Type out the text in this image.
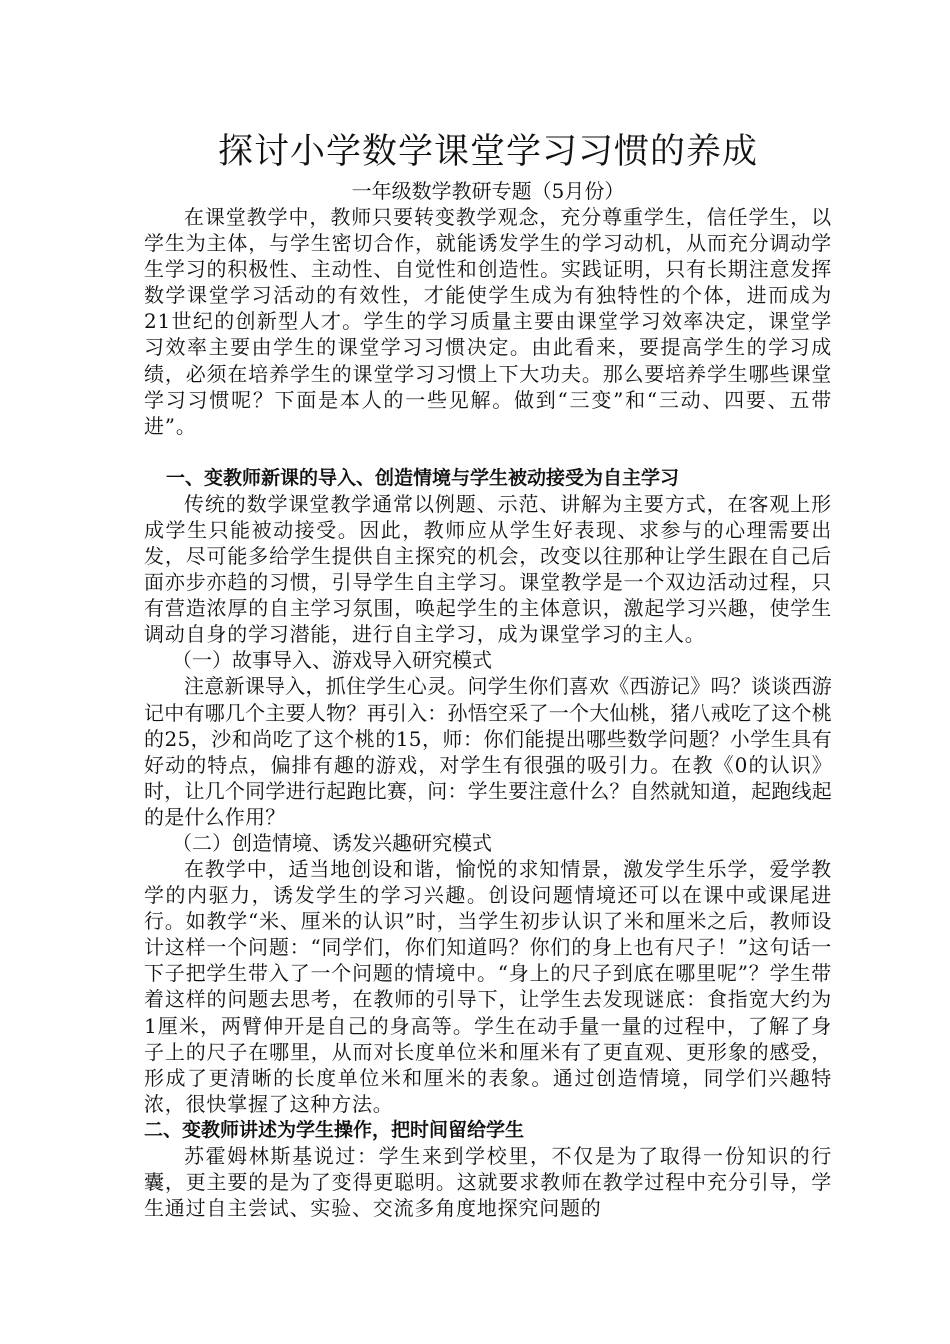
探讨小学数学课堂学习习惯的养成
一年级数学教研专题（5月份）

在课堂教学中，教师只要转变教学观念，充分尊重学生，信任学生，以学生为主体，与学生密切合作，就能诱发学生的学习动机，从而充分调动学生学习的积极性、主动性、自觉性和创造性。实践证明，只有长期注意发挥数学课堂学习活动的有效性，才能使学生成为有独特性的个体，进而成为21世纪的创新型人才。学生的学习质量主要由课堂学习效率决定，课堂学习效率主要由学生的课堂学习习惯决定。由此看来，要提高学生的学习成绩，必须在培养学生的课堂学习习惯上下大功夫。那么要培养学生哪些课堂学习习惯呢？下面是本人的一些见解。做到“三变”和“三动、四要、五带进”。

一、变教师新课的导入、创造情境与学生被动接受为自主学习

传统的数学课堂教学通常以例题、示范、讲解为主要方式，在客观上形成学生只能被动接受。因此，教师应从学生好表现、求参与的心理需要出发，尽可能多给学生提供自主探究的机会，改变以往那种让学生跟在自己后面亦步亦趋的习惯，引导学生自主学习。课堂教学是一个双边活动过程，只有营造浓厚的自主学习氛围，唤起学生的主体意识，激起学习兴趣，使学生调动自身的学习潜能，进行自主学习，成为课堂学习的主人。

（一）故事导入、游戏导入研究模式

注意新课导入，抓住学生心灵。问学生你们喜欢《西游记》吗？谈谈西游记中有哪几个主要人物？再引入：孙悟空采了一个大仙桃，猪八戒吃了这个桃的25，沙和尚吃了这个桃的15，师：你们能提出哪些数学问题？小学生具有好动的特点，偏排有趣的游戏，对学生有很强的吸引力。在教《0的认识》时，让几个同学进行起跑比赛，问：学生要注意什么？自然就知道，起跑线起的是什么作用？

（二）创造情境、诱发兴趣研究模式

在教学中，适当地创设和谐，愉悦的求知情景，激发学生乐学，爱学教学的内驱力，诱发学生的学习兴趣。创设问题情境还可以在课中或课尾进行。如教学“米、厘米的认识”时，当学生初步认识了米和厘米之后，教师设计这样一个问题：“同学们，你们知道吗？你们的身上也有尺子！”这句话一下子把学生带入了一个问题的情境中。“身上的尺子到底在哪里呢”？学生带着这样的问题去思考，在教师的引导下，让学生去发现谜底：食指宽大约为1厘米，两臂伸开是自己的身高等。学生在动手量一量的过程中，了解了身子上的尺子在哪里，从而对长度单位米和厘米有了更直观、更形象的感受，形成了更清晰的长度单位米和厘米的表象。通过创造情境，同学们兴趣特浓，很快掌握了这种方法。

二、变教师讲述为学生操作，把时间留给学生

苏霍姆林斯基说过：学生来到学校里，不仅是为了取得一份知识的行囊，更主要的是为了变得更聪明。这就要求教师在教学过程中充分引导，学生通过自主尝试、实验、交流多角度地探究问题的
